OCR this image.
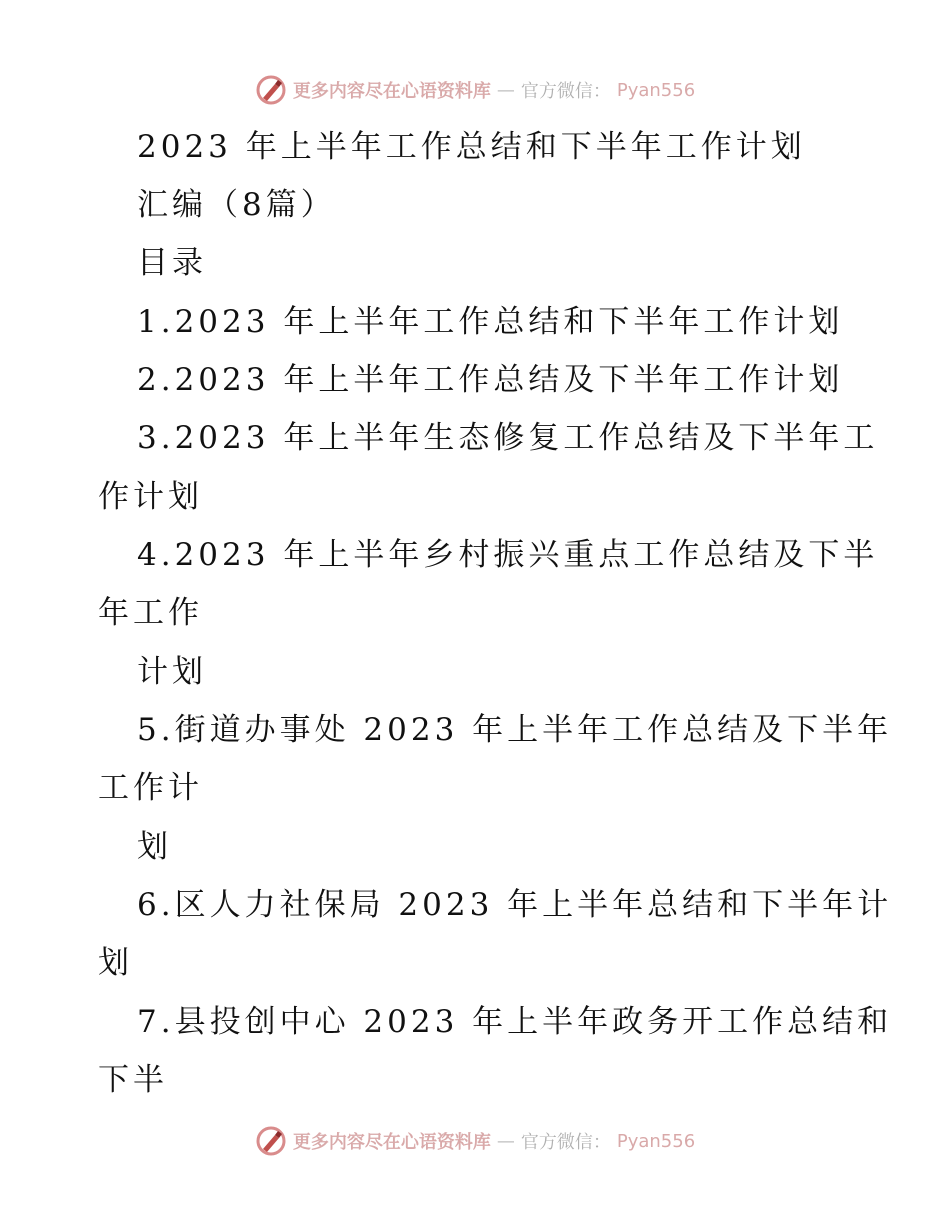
更多内容尽在心语资料库 — 官方微信： Pyan556
2023 年上半年工作总结和下半年工作计划
汇编（8篇）
目录
1.2023 年上半年工作总结和下半年工作计划
2.2023 年上半年工作总结及下半年工作计划
3.2023 年上半年生态修复工作总结及下半年工
作计划
4.2023 年上半年乡村振兴重点工作总结及下半
年工作
计划
5.街道办事处 2023 年上半年工作总结及下半年
工作计
划
6.区人力社保局 2023 年上半年总结和下半年计
划
7.县投创中心 2023 年上半年政务开工作总结和
下半
更多内容尽在心语资料库 — 官方微信： Pyan556
